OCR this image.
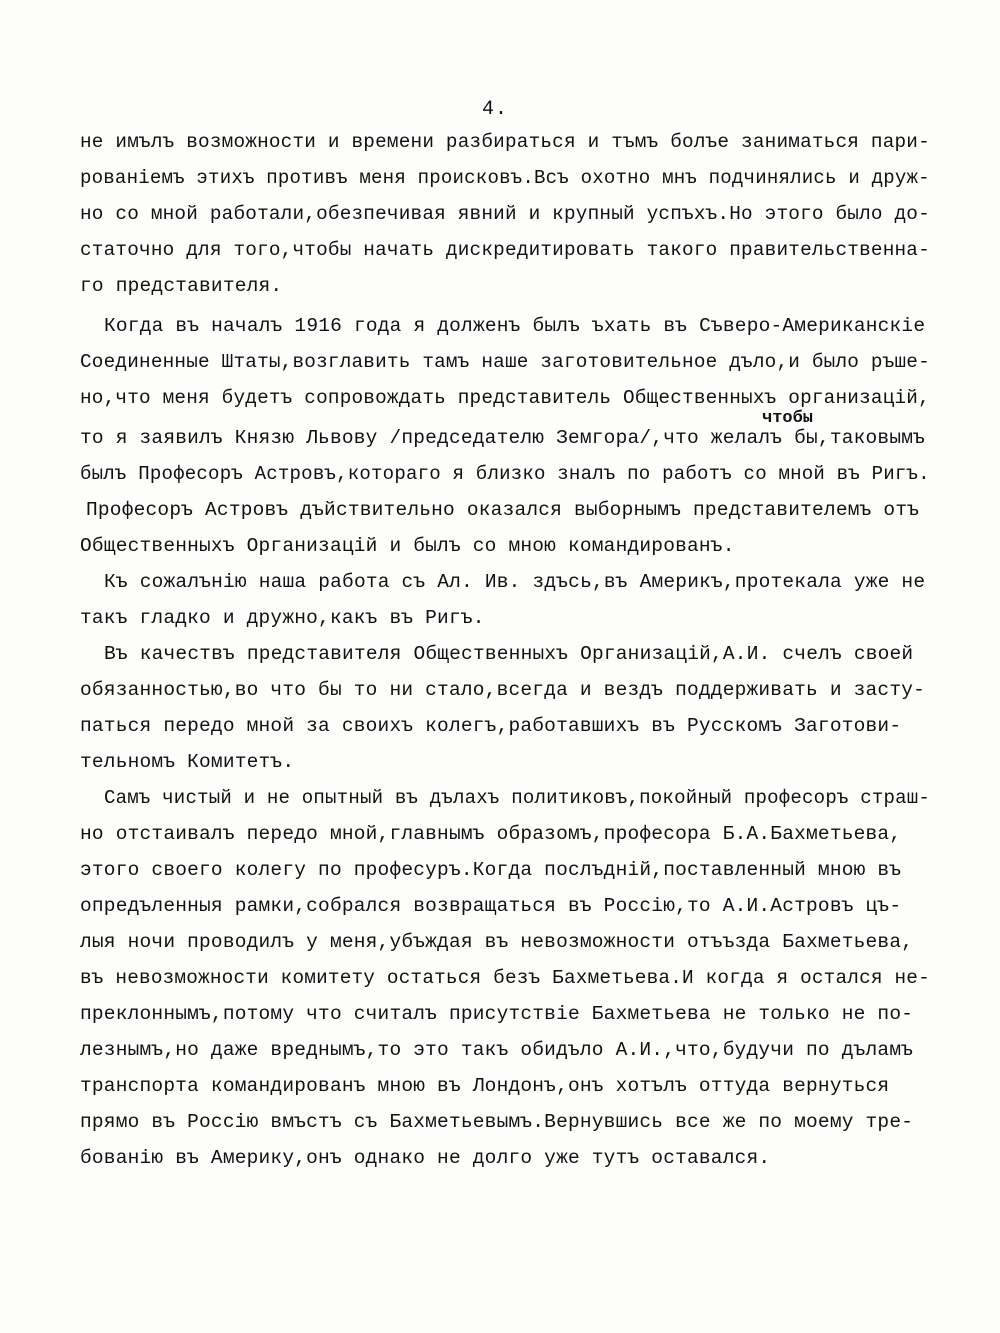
4.
не имълъ возможности и времени разбираться и тъмъ болъе заниматься пари-
рованіемъ этихъ противъ меня происковъ.Всъ охотно мнъ подчинялись и друж-
но со мной работали,обезпечивая явний и крупный успъхъ.Но этого было до-
статочно для того,чтобы начать дискредитировать такого правительственна-
го представителя.
Когда въ началъ 1916 года я долженъ былъ ъхать въ Съверо-Американскіе
Соединенные Штаты,возглавить тамъ наше заготовительное дъло,и было ръше-
но,что меня будетъ сопровождать представитель Общественныхъ организацій,
чтобы
то я заявилъ Князю Львову /председателю Земгора/,что желалъ бы,таковымъ
былъ Професоръ Астровъ,котораго я близко зналъ по работъ со мной въ Ригъ.
Професоръ Астровъ дъйствительно оказался выборнымъ представителемъ отъ
Общественныхъ Организацій и былъ со мною командированъ.
Къ сожалънію наша работа съ Ал. Ив. здъсь,въ Америкъ,протекала уже не
такъ гладко и дружно,какъ въ Ригъ.
Въ качествъ представителя Общественныхъ Организацій,А.И. счелъ своей
обязанностью,во что бы то ни стало,всегда и вездъ поддерживать и засту-
паться передо мной за своихъ колегъ,работавшихъ въ Русскомъ Заготови-
тельномъ Комитетъ.
Самъ чистый и не опытный въ дълахъ политиковъ,покойный професоръ страш-
но отстаивалъ передо мной,главнымъ образомъ,професора Б.А.Бахметьева,
этого своего колегу по професуръ.Когда послъдній,поставленный мною въ
опредъленныя рамки,собрался возвращаться въ Россію,то А.И.Астровъ цъ-
лыя ночи проводилъ у меня,убъждая въ невозможности отъъзда Бахметьева,
въ невозможности комитету остаться безъ Бахметьева.И когда я остался не-
преклоннымъ,потому что считалъ присутствіе Бахметьева не только не по-
лезнымъ,но даже вреднымъ,то это такъ обидъло А.И.,что,будучи по дъламъ
транспорта командированъ мною въ Лондонъ,онъ хотълъ оттуда вернуться
прямо въ Россію вмъстъ съ Бахметьевымъ.Вернувшись все же по моему тре-
бованію въ Америку,онъ однако не долго уже тутъ оставался.
